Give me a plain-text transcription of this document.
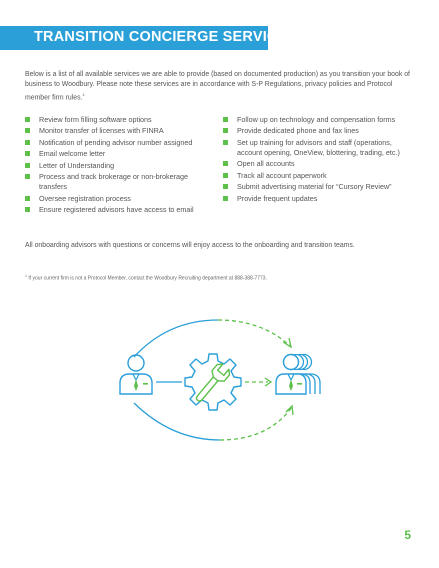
TRANSITION CONCIERGE SERVICE

Below is a list of all available services we are able to provide (based on documented production) as you transition your book of business to Woodbury. Please note these services are in accordance with S-P Regulations, privacy policies and Protocol member firm rules.$^1$

Review form filling software options
Monitor transfer of licenses with FINRA
Notification of pending advisor number assigned
Email welcome letter
Letter of Understanding
Process and track brokerage or non-brokerage transfers
Oversee registration process
Ensure registered advisors have access to email
Follow up on technology and compensation forms
Provide dedicated phone and fax lines
Set up training for advisors and staff (operations, account opening, OneView, blottering, trading, etc.)
Open all accounts
Track all account paperwork
Submit advertising material for “Cursory Review”
Provide frequent updates

All onboarding advisors with questions or concerns will enjoy access to the onboarding and transition teams.

$^1$ If your current firm is not a Protocol Member, contact the Woodbury Recruiting department at 888-388-7773.

5
